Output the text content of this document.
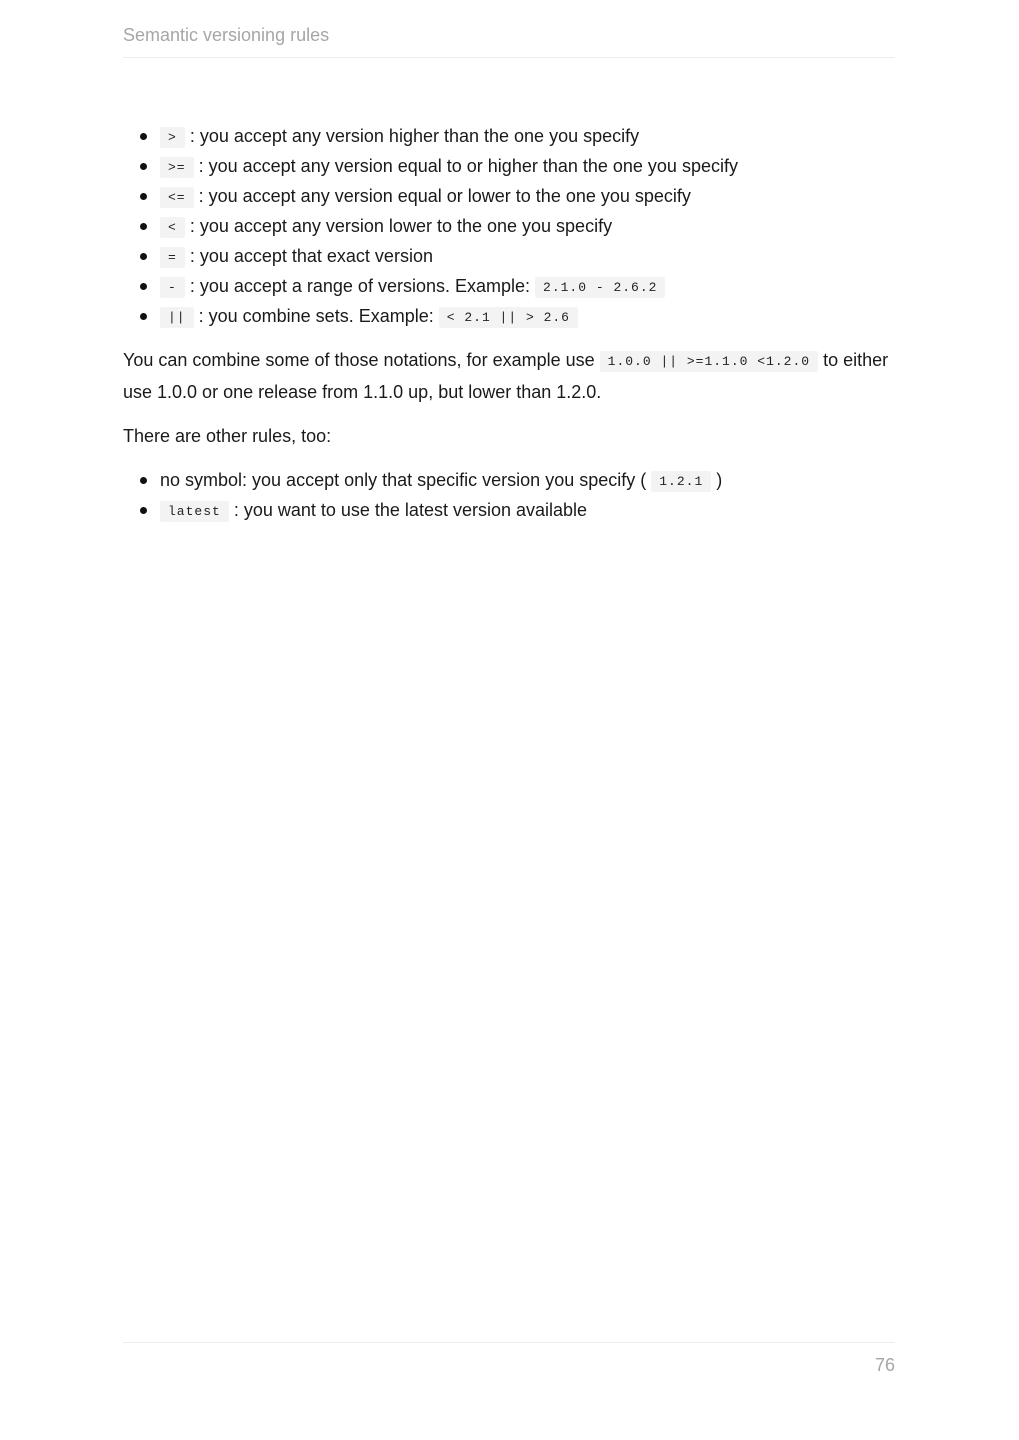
Semantic versioning rules
> : you accept any version higher than the one you specify
>= : you accept any version equal to or higher than the one you specify
<= : you accept any version equal or lower to the one you specify
< : you accept any version lower to the one you specify
= : you accept that exact version
- : you accept a range of versions. Example: 2.1.0 - 2.6.2
|| : you combine sets. Example: < 2.1 || > 2.6

You can combine some of those notations, for example use 1.0.0 || >=1.1.0 <1.2.0 to either use 1.0.0 or one release from 1.1.0 up, but lower than 1.2.0.

There are other rules, too:

no symbol: you accept only that specific version you specify ( 1.2.1 )
latest : you want to use the latest version available
76
